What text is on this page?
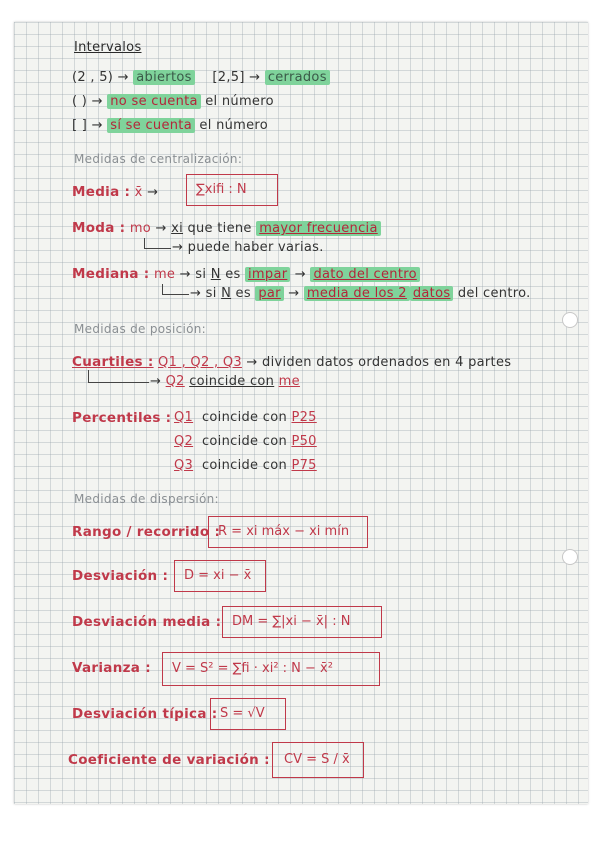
Intervalos
(2 , 5) → abiertos [2,5] → cerrados
( ) → no se cuenta el número
[ ] → sí se cuenta el número
Medidas de centralización:
Media : x̄ →	∑xifi : N
Moda : mo → xi que tiene mayor frecuencia
→ puede haber varias.
Mediana : me → si N es impar → dato del centro
→ si N es par → media de los 2 datos del centro.
Medidas de posición:
Cuartiles : Q1 , Q2 , Q3 → dividen datos ordenados en 4 partes
→ Q2 coincide con me
Percentiles : Q1 coincide con P25
Q2 coincide con P50
Q3 coincide con P75
Medidas de dispersión:
Rango / recorrido :
R = xi máx − xi mín
Desviación : D = xi − x̄
Desviación media : DM = ∑|xi − x̄| : N
Varianza : V = S² = ∑fi · xi² : N − x̄²
Desviación típica : S = √V
Coeficiente de variación : CV = S / x̄
